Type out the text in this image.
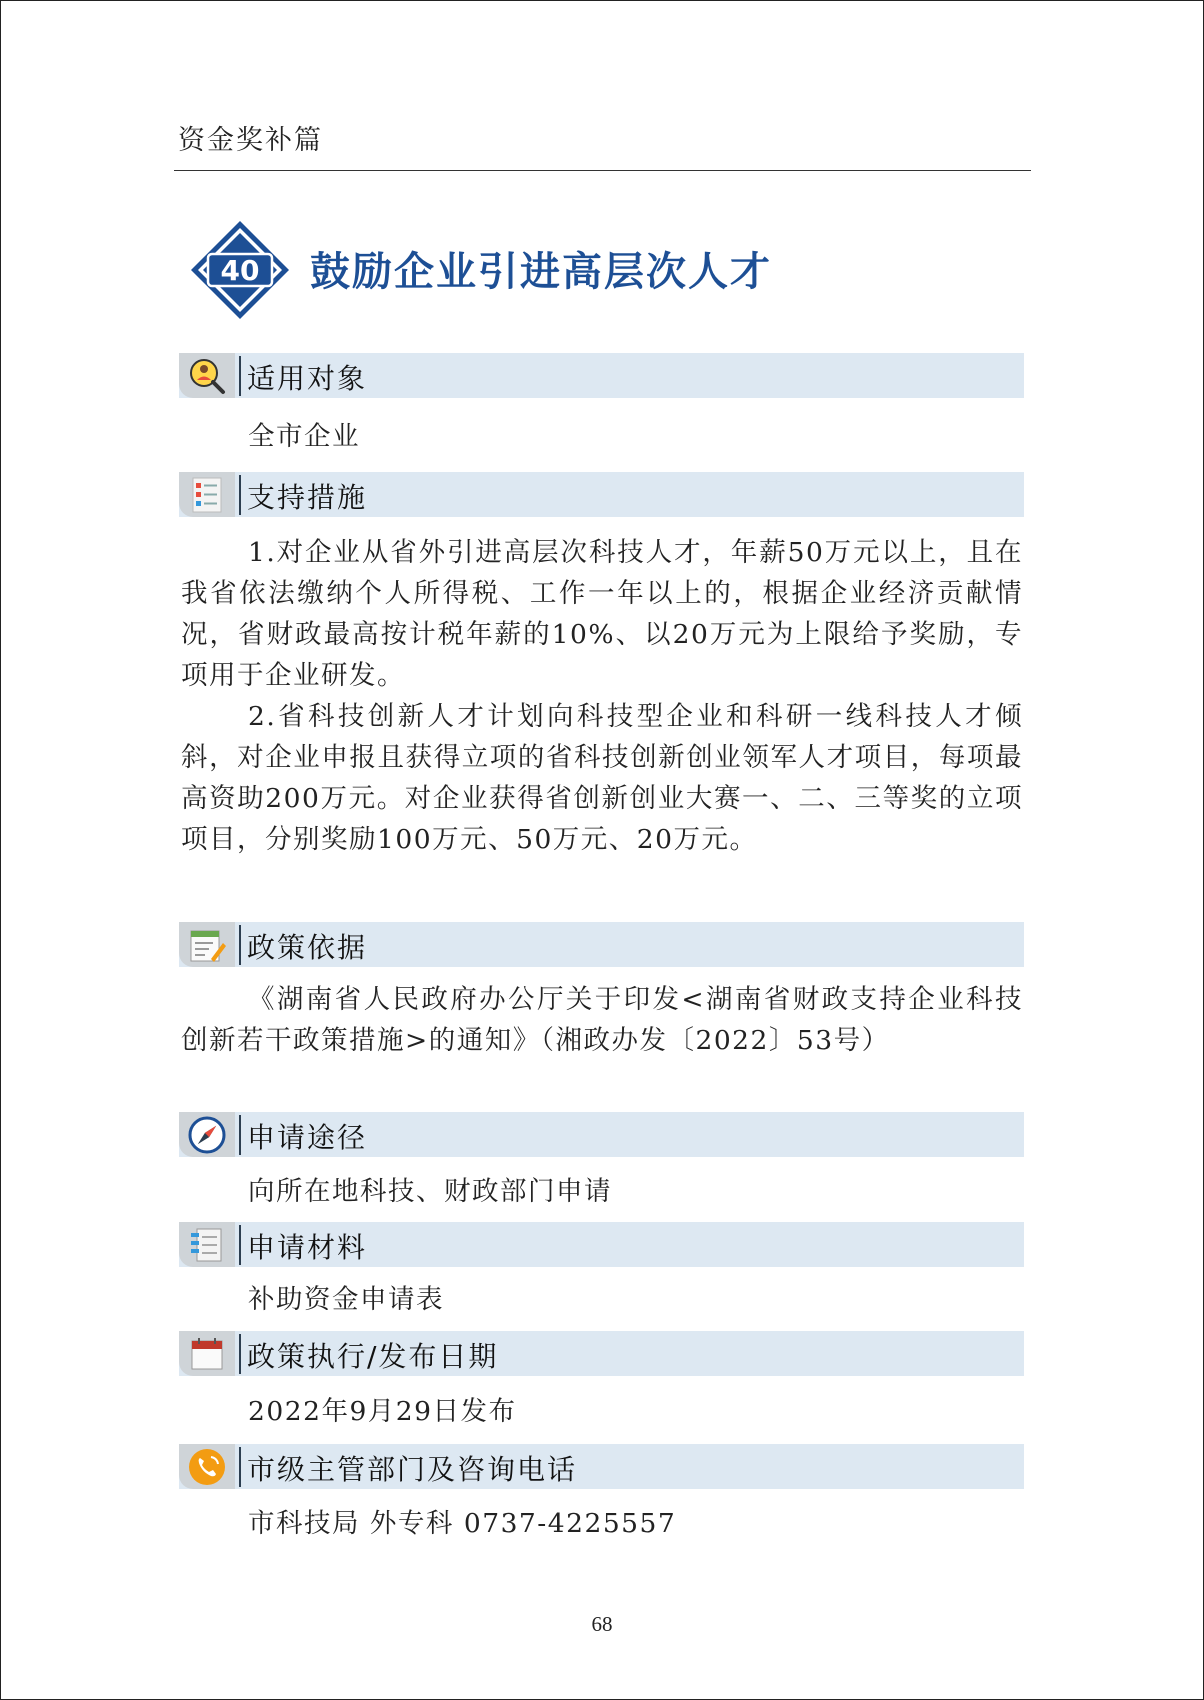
资金奖补篇
40 鼓励企业引进高层次人才
适用对象
全市企业
支持措施

1.对企业从省外引进高层次科技人才，年薪50万元以上，且在我省依法缴纳个人所得税、工作一年以上的，根据企业经济贡献情况，省财政最高按计税年薪的10%、以20万元为上限给予奖励，专项用于企业研发。

2.省科技创新人才计划向科技型企业和科研一线科技人才倾斜，对企业申报且获得立项的省科技创新创业领军人才项目，每项最高资助200万元。对企业获得省创新创业大赛一、二、三等奖的立项项目，分别奖励100万元、50万元、20万元。

政策依据
《湖南省人民政府办公厅关于印发<湖南省财政支持企业科技创新若干政策措施>的通知》（湘政办发〔2022〕53号）
申请途径
向所在地科技、财政部门申请
申请材料
补助资金申请表
政策执行/发布日期
2022年9月29日发布
市级主管部门及咨询电话
市科技局 外专科 0737-4225557
68
